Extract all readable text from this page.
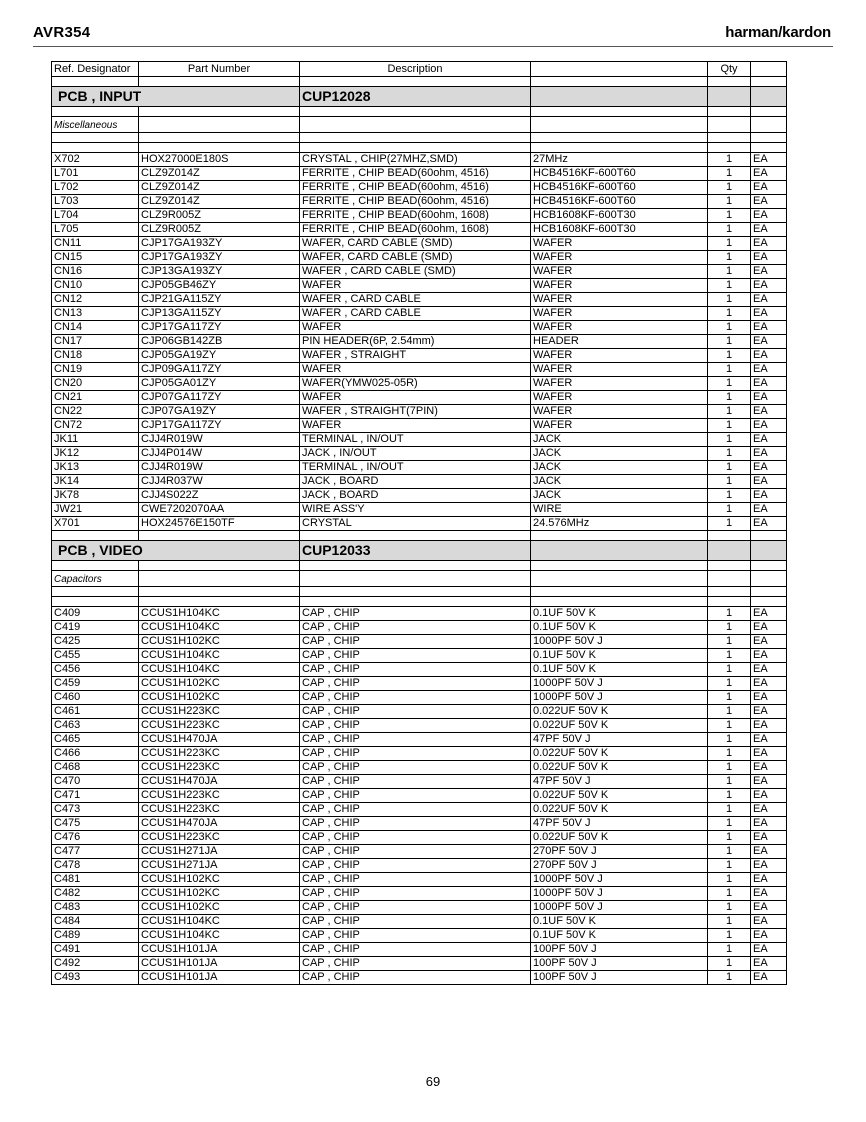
AVR354	harman/kardon
Ref. Designator	Part Number	Description		Qty	

PCB , INPUT		CUP12028			

Miscellaneous					

X702	HOX27000E180S	CRYSTAL , CHIP(27MHZ,SMD)	27MHz	1	EA
L701	CLZ9Z014Z	FERRITE , CHIP BEAD(60ohm, 4516)	HCB4516KF-600T60	1	EA
L702	CLZ9Z014Z	FERRITE , CHIP BEAD(60ohm, 4516)	HCB4516KF-600T60	1	EA
L703	CLZ9Z014Z	FERRITE , CHIP BEAD(60ohm, 4516)	HCB4516KF-600T60	1	EA
L704	CLZ9R005Z	FERRITE , CHIP BEAD(60ohm, 1608)	HCB1608KF-600T30	1	EA
L705	CLZ9R005Z	FERRITE , CHIP BEAD(60ohm, 1608)	HCB1608KF-600T30	1	EA
CN11	CJP17GA193ZY	WAFER, CARD CABLE (SMD)	WAFER	1	EA
CN15	CJP17GA193ZY	WAFER, CARD CABLE (SMD)	WAFER	1	EA
CN16	CJP13GA193ZY	WAFER , CARD CABLE (SMD)	WAFER	1	EA
CN10	CJP05GB46ZY	WAFER	WAFER	1	EA
CN12	CJP21GA115ZY	WAFER , CARD CABLE	WAFER	1	EA
CN13	CJP13GA115ZY	WAFER , CARD CABLE	WAFER	1	EA
CN14	CJP17GA117ZY	WAFER	WAFER	1	EA
CN17	CJP06GB142ZB	PIN HEADER(6P, 2.54mm)	HEADER	1	EA
CN18	CJP05GA19ZY	WAFER , STRAIGHT	WAFER	1	EA
CN19	CJP09GA117ZY	WAFER	WAFER	1	EA
CN20	CJP05GA01ZY	WAFER(YMW025-05R)	WAFER	1	EA
CN21	CJP07GA117ZY	WAFER	WAFER	1	EA
CN22	CJP07GA19ZY	WAFER , STRAIGHT(7PIN)	WAFER	1	EA
CN72	CJP17GA117ZY	WAFER	WAFER	1	EA
JK11	CJJ4R019W	TERMINAL , IN/OUT	JACK	1	EA
JK12	CJJ4P014W	JACK , IN/OUT	JACK	1	EA
JK13	CJJ4R019W	TERMINAL , IN/OUT	JACK	1	EA
JK14	CJJ4R037W	JACK , BOARD	JACK	1	EA
JK78	CJJ4S022Z	JACK , BOARD	JACK	1	EA
JW21	CWE7202070AA	WIRE ASS'Y	WIRE	1	EA
X701	HOX24576E150TF	CRYSTAL	24.576MHz	1	EA

PCB , VIDEO		CUP12033			

Capacitors					

C409	CCUS1H104KC	CAP , CHIP	0.1UF 50V K	1	EA
C419	CCUS1H104KC	CAP , CHIP	0.1UF 50V K	1	EA
C425	CCUS1H102KC	CAP , CHIP	1000PF 50V J	1	EA
C455	CCUS1H104KC	CAP , CHIP	0.1UF 50V K	1	EA
C456	CCUS1H104KC	CAP , CHIP	0.1UF 50V K	1	EA
C459	CCUS1H102KC	CAP , CHIP	1000PF 50V J	1	EA
C460	CCUS1H102KC	CAP , CHIP	1000PF 50V J	1	EA
C461	CCUS1H223KC	CAP , CHIP	0.022UF 50V K	1	EA
C463	CCUS1H223KC	CAP , CHIP	0.022UF 50V K	1	EA
C465	CCUS1H470JA	CAP , CHIP	47PF 50V J	1	EA
C466	CCUS1H223KC	CAP , CHIP	0.022UF 50V K	1	EA
C468	CCUS1H223KC	CAP , CHIP	0.022UF 50V K	1	EA
C470	CCUS1H470JA	CAP , CHIP	47PF 50V J	1	EA
C471	CCUS1H223KC	CAP , CHIP	0.022UF 50V K	1	EA
C473	CCUS1H223KC	CAP , CHIP	0.022UF 50V K	1	EA
C475	CCUS1H470JA	CAP , CHIP	47PF 50V J	1	EA
C476	CCUS1H223KC	CAP , CHIP	0.022UF 50V K	1	EA
C477	CCUS1H271JA	CAP , CHIP	270PF 50V J	1	EA
C478	CCUS1H271JA	CAP , CHIP	270PF 50V J	1	EA
C481	CCUS1H102KC	CAP , CHIP	1000PF 50V J	1	EA
C482	CCUS1H102KC	CAP , CHIP	1000PF 50V J	1	EA
C483	CCUS1H102KC	CAP , CHIP	1000PF 50V J	1	EA
C484	CCUS1H104KC	CAP , CHIP	0.1UF 50V K	1	EA
C489	CCUS1H104KC	CAP , CHIP	0.1UF 50V K	1	EA
C491	CCUS1H101JA	CAP , CHIP	100PF 50V J	1	EA
C492	CCUS1H101JA	CAP , CHIP	100PF 50V J	1	EA
C493	CCUS1H101JA	CAP , CHIP	100PF 50V J	1	EA
69
